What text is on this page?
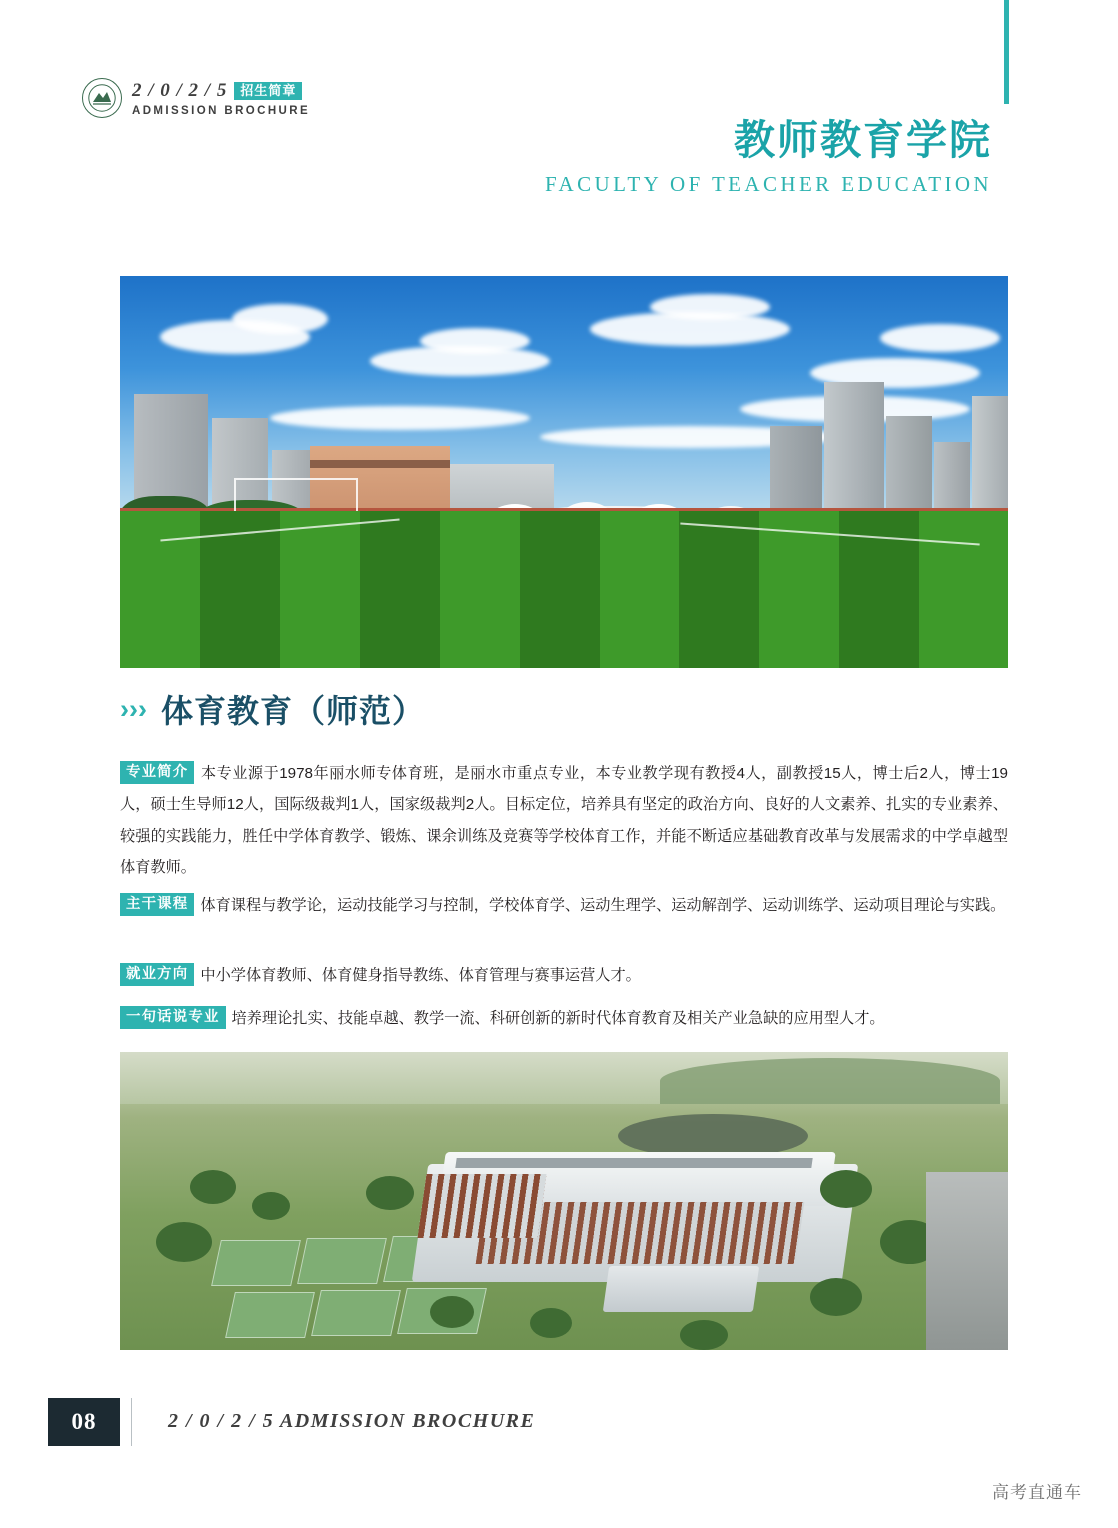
2 / 0 / 2 / 5	招生简章
ADMISSION BROCHURE
教师教育学院
FACULTY OF TEACHER EDUCATION
››› 体育教育（师范）
专业简介 本专业源于1978年丽水师专体育班，是丽水市重点专业，本专业教学现有教授4人，副教授15人，博士后2人，博士19人，硕士生导师12人，国际级裁判1人，国家级裁判2人。目标定位，培养具有坚定的政治方向、良好的人文素养、扎实的专业素养、较强的实践能力，胜任中学体育教学、锻炼、课余训练及竞赛等学校体育工作，并能不断适应基础教育改革与发展需求的中学卓越型体育教师。
主干课程 体育课程与教学论，运动技能学习与控制，学校体育学、运动生理学、运动解剖学、运动训练学、运动项目理论与实践。
就业方向 中小学体育教师、体育健身指导教练、体育管理与赛事运营人才。
一句话说专业 培养理论扎实、技能卓越、教学一流、科研创新的新时代体育教育及相关产业急缺的应用型人才。
08	2 / 0 / 2 / 5 ADMISSION BROCHURE
高考直通车
